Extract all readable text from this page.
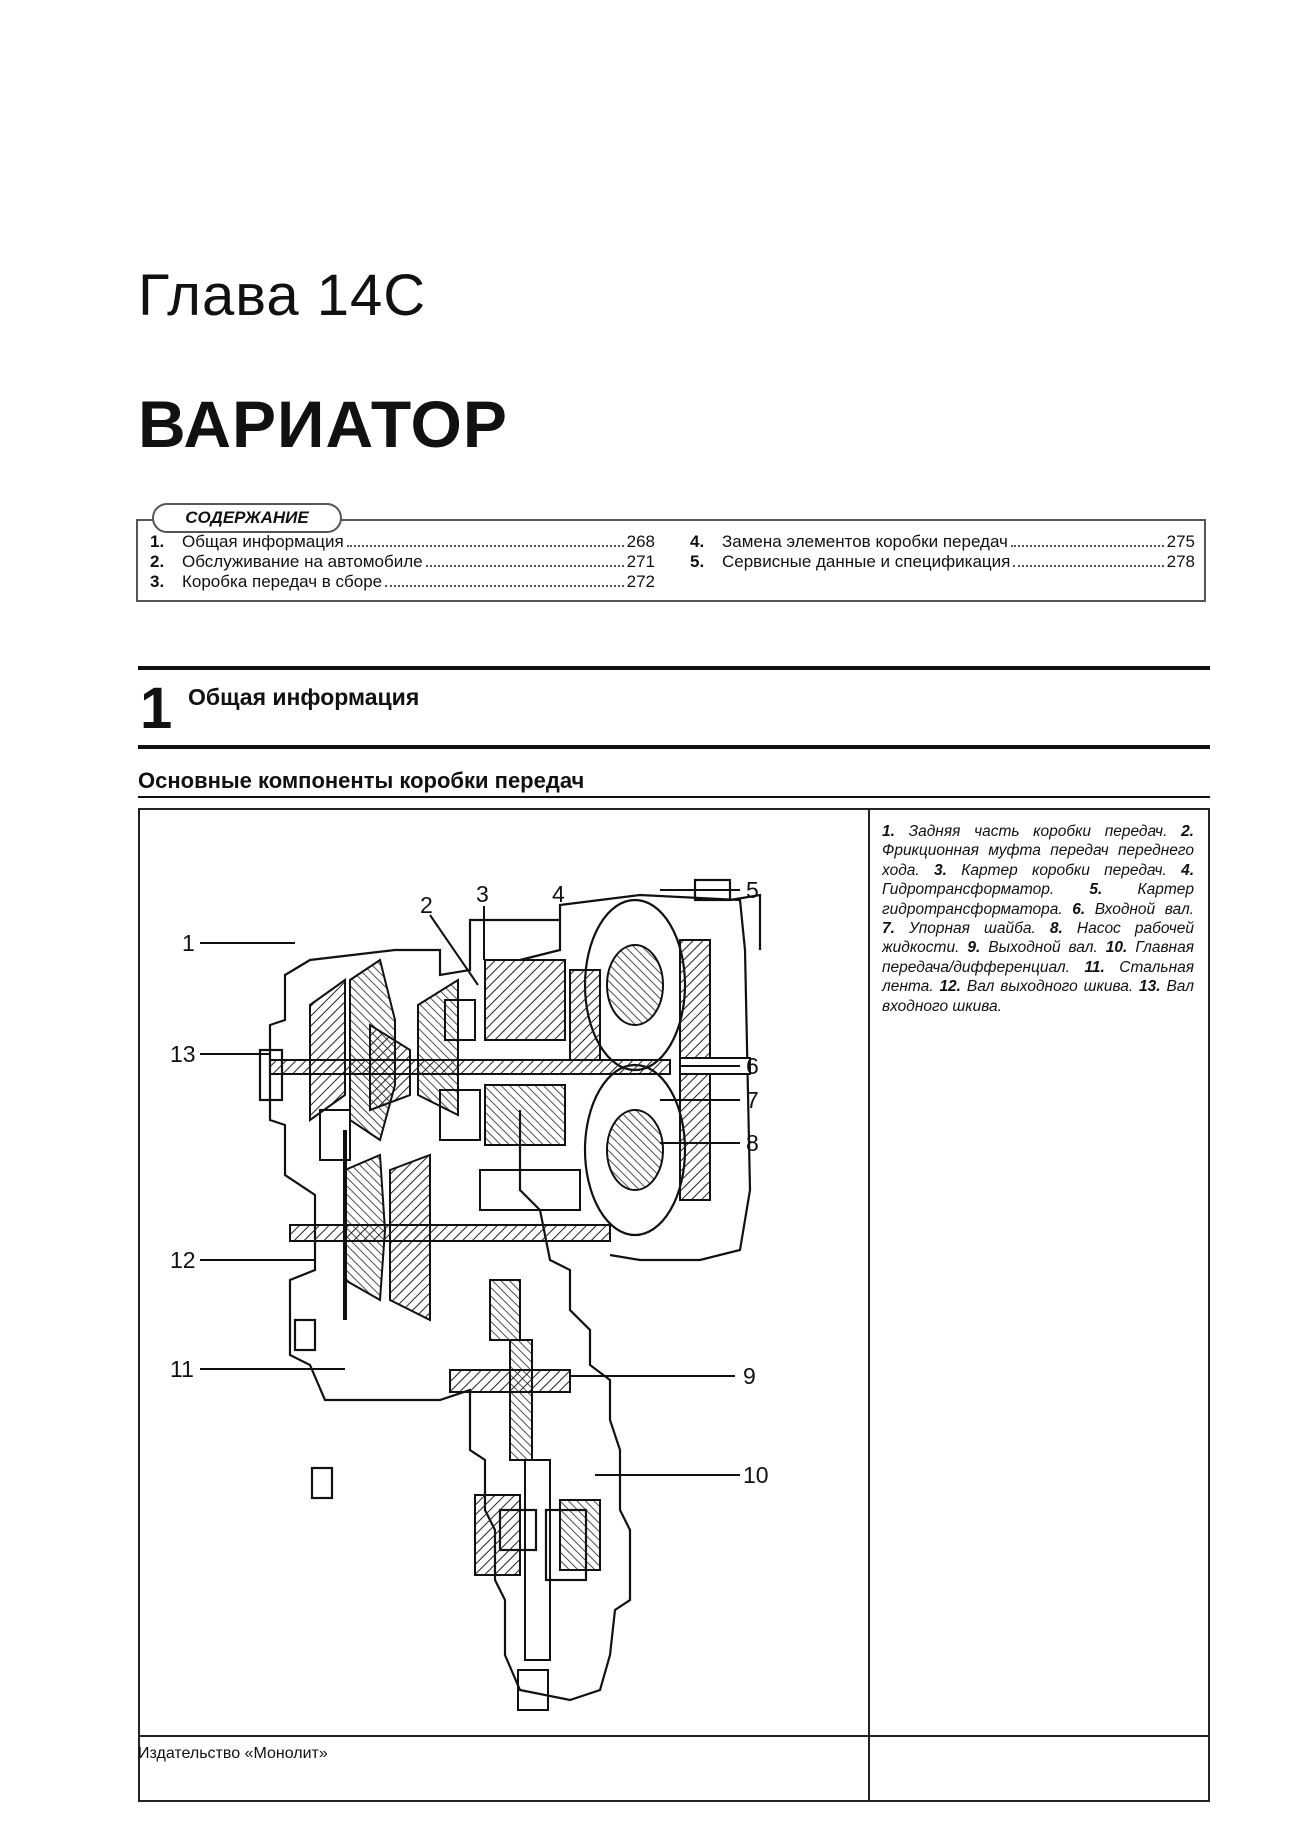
Глава 14С
ВАРИАТОР
СОДЕРЖАНИЕ
1.	Общая информация	268
2.	Обслуживание на автомобиле	271
3.	Коробка передач в сборе	272
4.	Замена элементов коробки передач	275
5.	Сервисные данные и спецификация	278
1 Общая информация
Основные компоненты коробки передач
1
2 3	4	5
6
7
8
9
10
11
12
13
1. Задняя часть коробки передач. 2. Фрикционная муфта передач переднего хода. 3. Картер коробки передач. 4. Гидротрансформатор. 5. Картер гидротрансформатора. 6. Входной вал. 7. Упорная шайба. 8. Насос рабочей жидкости. 9. Выходной вал. 10. Главная передача/дифференциал. 11. Стальная лента. 12. Вал выходного шкива. 13. Вал входного шкива.
Издательство «Монолит»
